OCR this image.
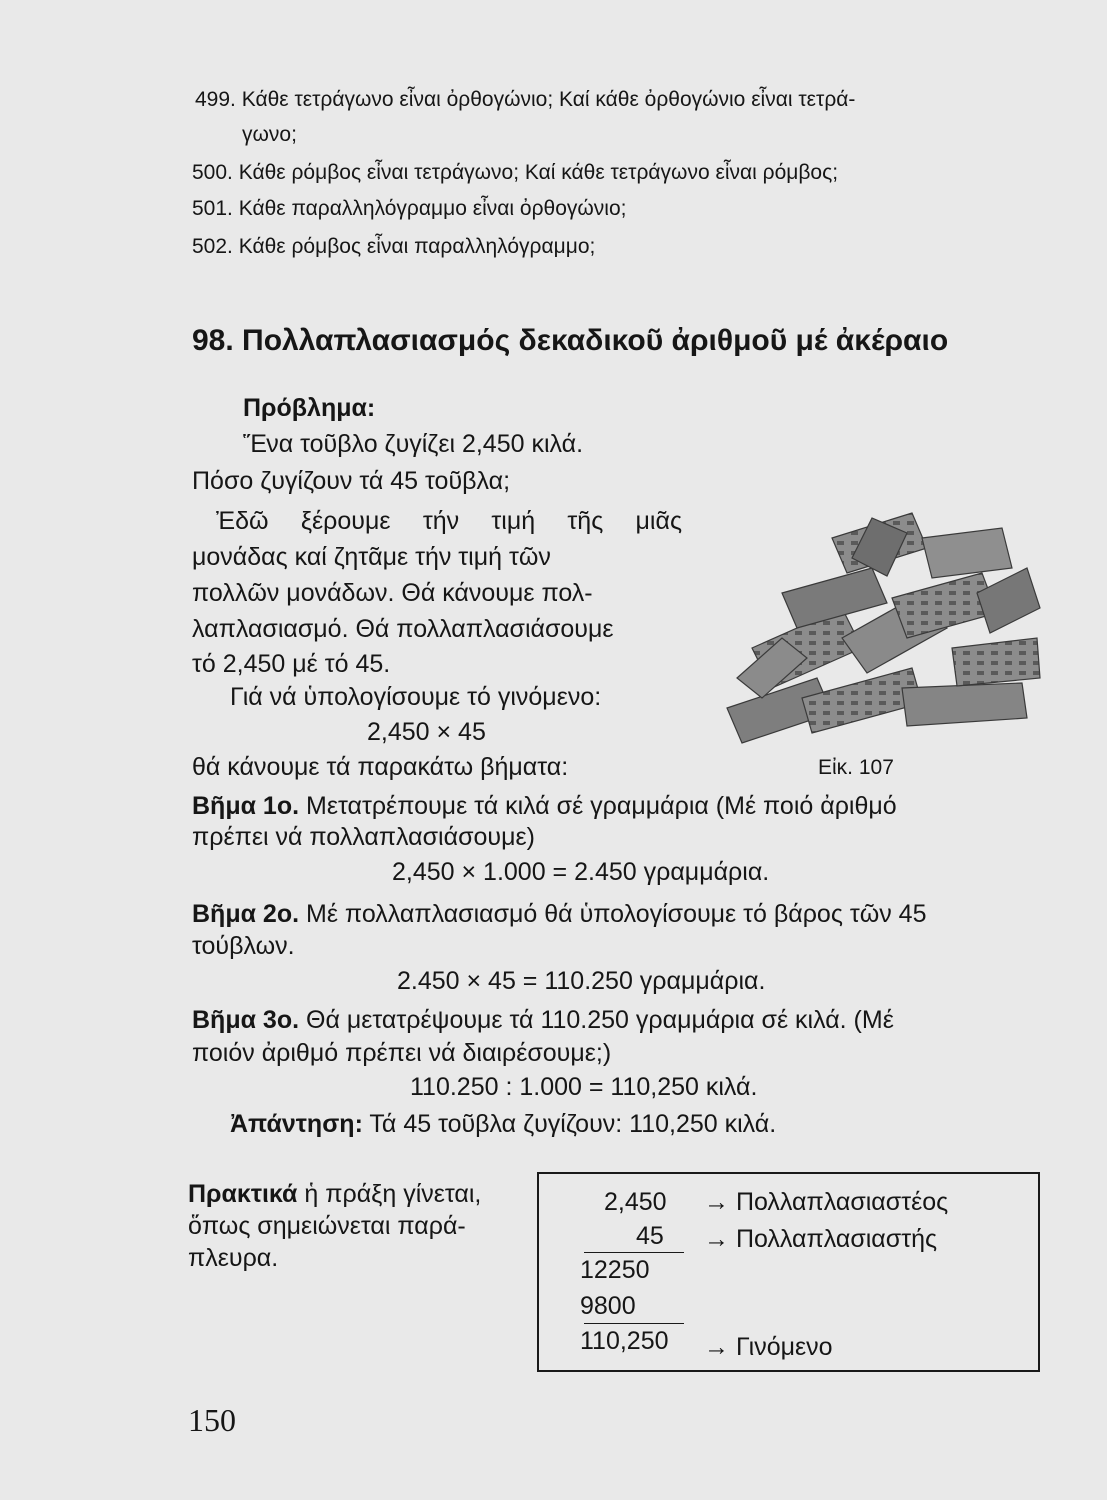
499. Κάθε τετράγωνο εἶναι ὀρθογώνιο; Καί κάθε ὀρθογώνιο εἶναι τετρά-
γωνο;
500. Κάθε ρόμβος εἶναι τετράγωνο; Καί κάθε τετράγωνο εἶναι ρόμβος;
501. Κάθε παραλληλόγραμμο εἶναι ὀρθογώνιο;
502. Κάθε ρόμβος εἶναι παραλληλόγραμμο;
98. Πολλαπλασιασμός δεκαδικοῦ ἀριθμοῦ μέ ἀκέραιο
Πρόβλημα:
Ἕνα τοῦβλο ζυγίζει 2,450 κιλά.
Πόσο ζυγίζουν τά 45 τοῦβλα;
Ἐδῶ ξέρουμε τήν τιμή τῆς μιᾶς
μονάδας καί ζητᾶμε τήν τιμή τῶν
πολλῶν μονάδων. Θά κάνουμε πολ-
λαπλασιασμό. Θά πολλαπλασιάσουμε
τό 2,450 μέ τό 45.
Γιά νά ὑπολογίσουμε τό γινόμενο:
2,450 × 45
θά κάνουμε τά παρακάτω βήματα:	Εἰκ. 107
Βῆμα 1ο. Μετατρέπουμε τά κιλά σέ γραμμάρια (Μέ ποιό ἀριθμό
πρέπει νά πολλαπλασιάσουμε)
2,450 × 1.000 = 2.450 γραμμάρια.
Βῆμα 2ο. Μέ πολλαπλασιασμό θά ὑπολογίσουμε τό βάρος τῶν 45
τούβλων.
2.450 × 45 = 110.250 γραμμάρια.
Βῆμα 3ο. Θά μετατρέψουμε τά 110.250 γραμμάρια σέ κιλά. (Μέ
ποιόν ἀριθμό πρέπει νά διαιρέσουμε;)
110.250 : 1.000 = 110,250 κιλά.
Ἀπάντηση: Τά 45 τοῦβλα ζυγίζουν: 110,250 κιλά.
Πρακτικά ἡ πράξη γίνεται,
ὅπως σημειώνεται παρά-
πλευρα.
2,450 → Πολλαπλασιαστέος
45 → Πολλαπλασιαστής
12250
9800
110,250 → Γινόμενο
150
